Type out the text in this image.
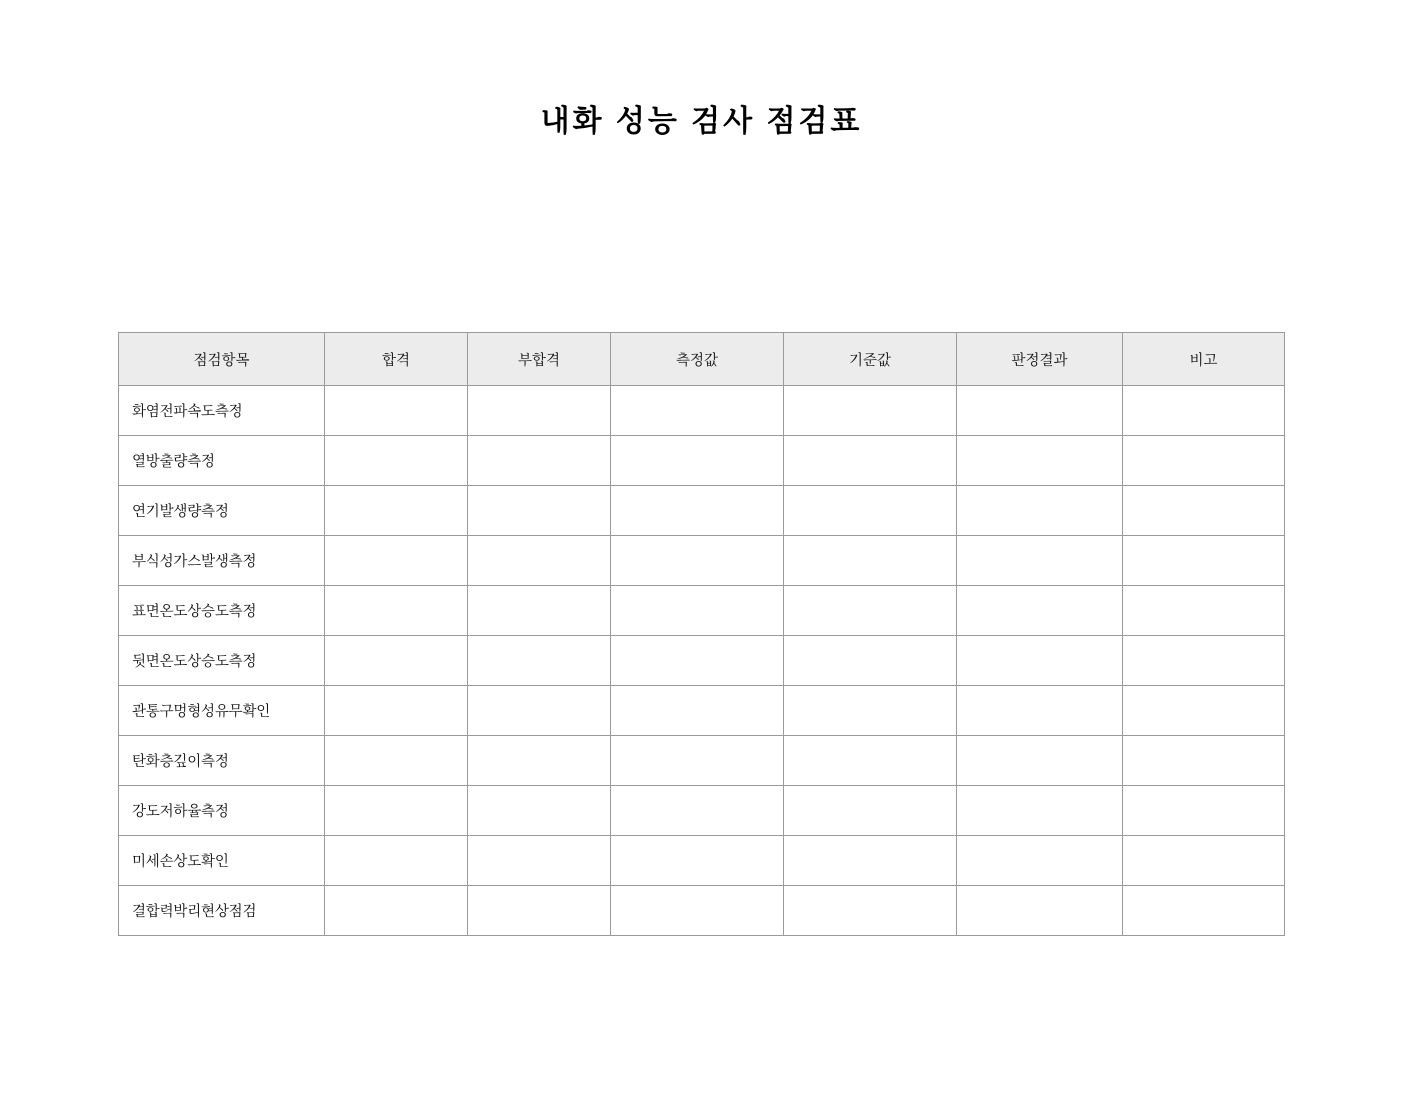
내화 성능 검사 점검표
점검항목	합격	부합격	측정값	기준값	판정결과	비고
화염전파속도측정						
열방출량측정						
연기발생량측정						
부식성가스발생측정						
표면온도상승도측정						
뒷면온도상승도측정						
관통구멍형성유무확인						
탄화층깊이측정						
강도저하율측정						
미세손상도확인						
결합력박리현상점검						
